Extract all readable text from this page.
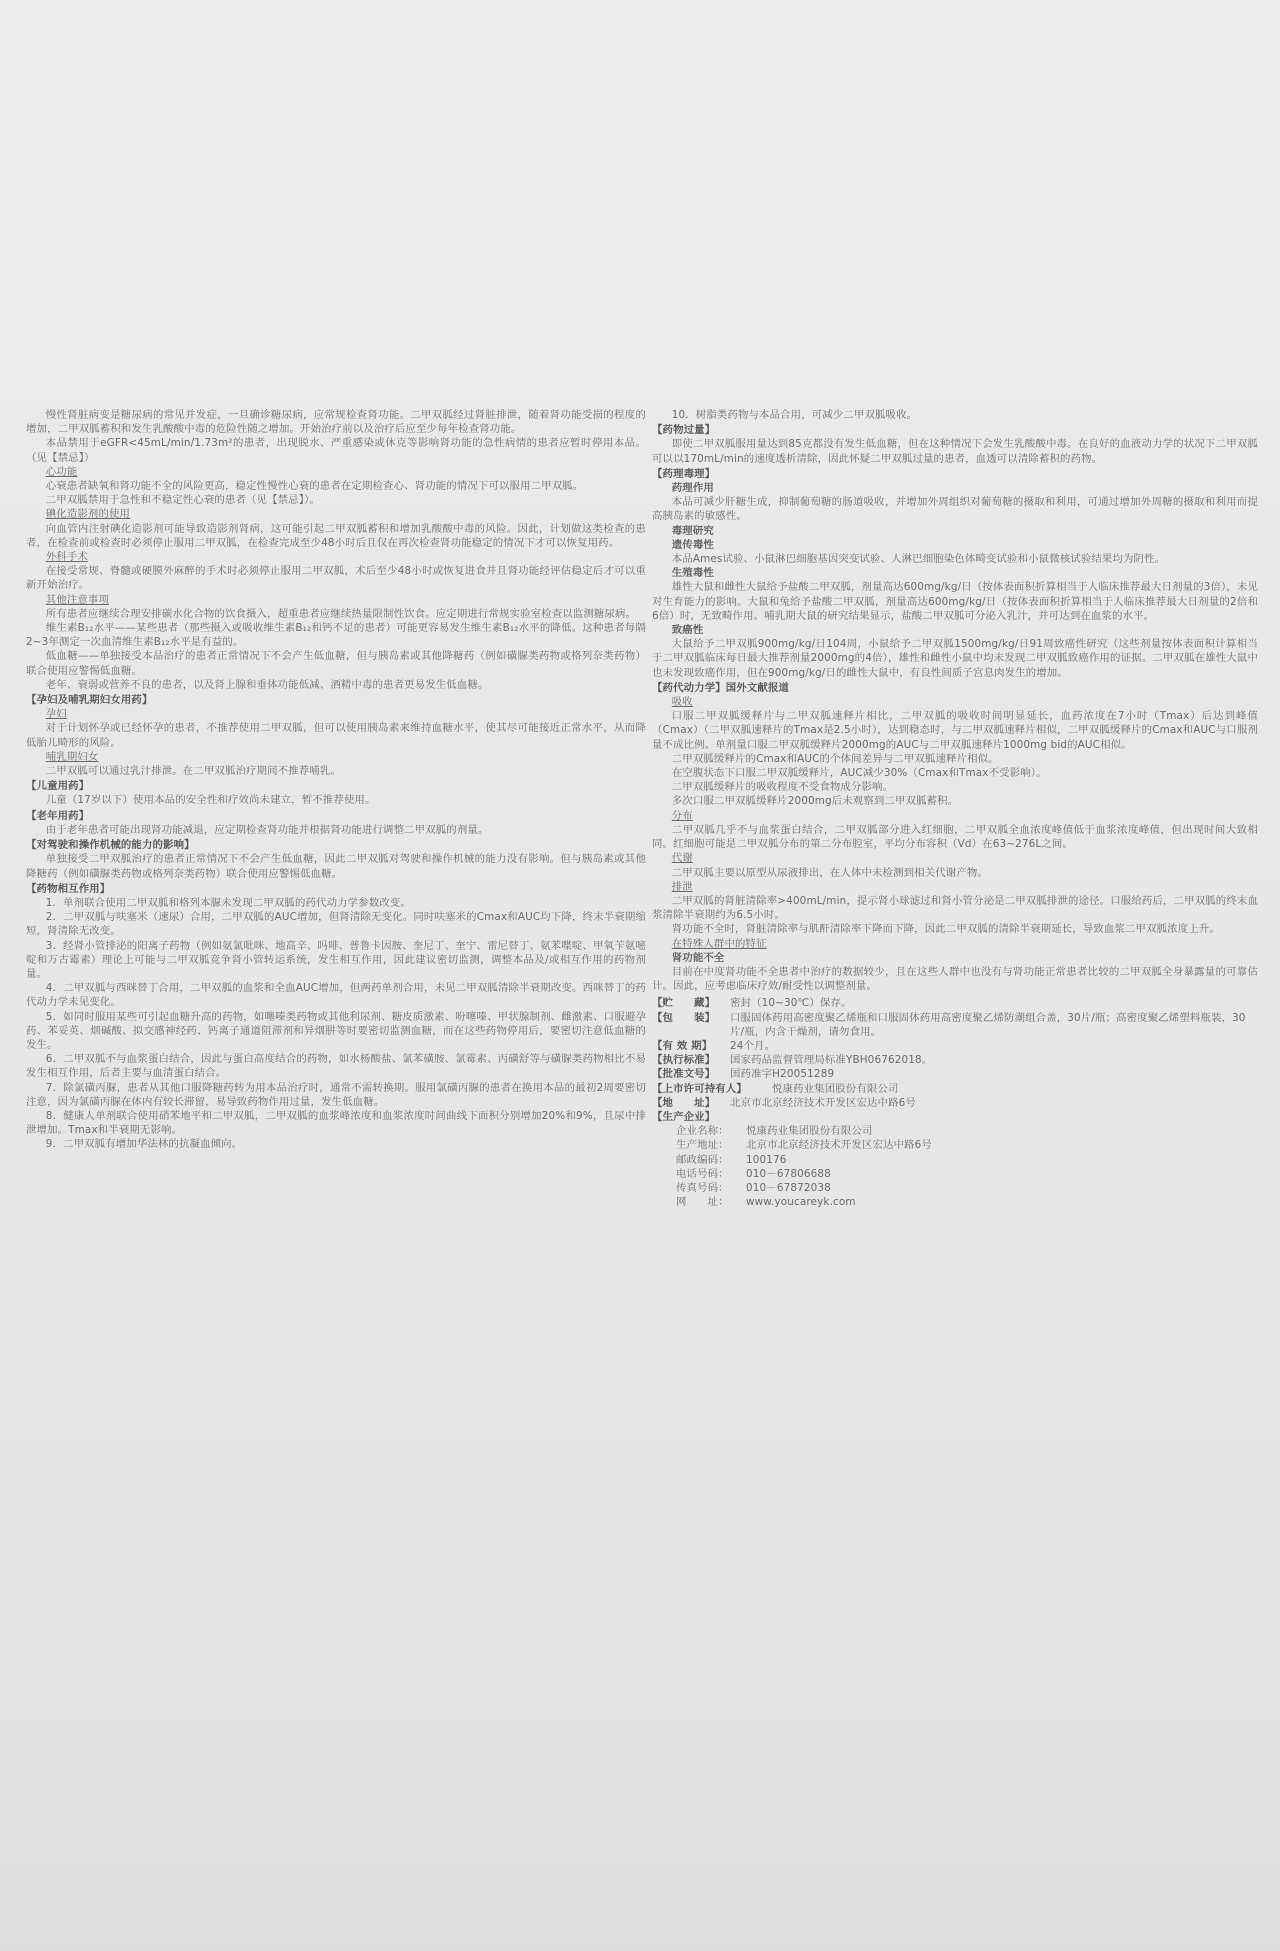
慢性肾脏病变是糖尿病的常见并发症，一旦确诊糖尿病，应常规检查肾功能。二甲双胍经过肾脏排泄，随着肾功能受损的程度的增加，二甲双胍蓄积和发生乳酸酸中毒的危险性随之增加。开始治疗前以及治疗后应至少每年检查肾功能。
本品禁用于eGFR<45mL/min/1.73m²的患者，出现脱水、严重感染或休克等影响肾功能的急性病情的患者应暂时停用本品。（见【禁忌】）
心功能
心衰患者缺氧和肾功能不全的风险更高，稳定性慢性心衰的患者在定期检查心、肾功能的情况下可以服用二甲双胍。
二甲双胍禁用于急性和不稳定性心衰的患者（见【禁忌】）。
碘化造影剂的使用
向血管内注射碘化造影剂可能导致造影剂肾病，这可能引起二甲双胍蓄积和增加乳酸酸中毒的风险。因此，计划做这类检查的患者，在检查前或检查时必须停止服用二甲双胍，在检查完成至少48小时后且仅在再次检查肾功能稳定的情况下才可以恢复用药。
外科手术
在接受常规、脊髓或硬膜外麻醉的手术时必须停止服用二甲双胍，术后至少48小时或恢复进食并且肾功能经评估稳定后才可以重新开始治疗。
其他注意事项
所有患者应继续合理安排碳水化合物的饮食摄入，超重患者应继续热量限制性饮食。应定期进行常规实验室检查以监测糖尿病。
维生素B₁₂水平——某些患者（那些摄入或吸收维生素B₁₂和钙不足的患者）可能更容易发生维生素B₁₂水平的降低。这种患者每隔2~3年测定一次血清维生素B₁₂水平是有益的。
低血糖——单独接受本品治疗的患者正常情况下不会产生低血糖，但与胰岛素或其他降糖药（例如磺脲类药物或格列奈类药物）联合使用应警惕低血糖。
老年、衰弱或营养不良的患者，以及肾上腺和垂体功能低减、酒精中毒的患者更易发生低血糖。
【孕妇及哺乳期妇女用药】
孕妇
对于计划怀孕或已经怀孕的患者，不推荐使用二甲双胍，但可以使用胰岛素来维持血糖水平，使其尽可能接近正常水平，从而降低胎儿畸形的风险。
哺乳期妇女
二甲双胍可以通过乳汁排泄。在二甲双胍治疗期间不推荐哺乳。
【儿童用药】
儿童（17岁以下）使用本品的安全性和疗效尚未建立，暂不推荐使用。
【老年用药】
由于老年患者可能出现肾功能减退，应定期检查肾功能并根据肾功能进行调整二甲双胍的剂量。
【对驾驶和操作机械的能力的影响】
单独接受二甲双胍治疗的患者正常情况下不会产生低血糖，因此二甲双胍对驾驶和操作机械的能力没有影响。但与胰岛素或其他降糖药（例如磺脲类药物或格列奈类药物）联合使用应警惕低血糖。
【药物相互作用】
1．单剂联合使用二甲双胍和格列本脲未发现二甲双胍的药代动力学参数改变。
2．二甲双胍与呋塞米（速尿）合用，二甲双胍的AUC增加，但肾清除无变化。同时呋塞米的Cmax和AUC均下降，终末半衰期缩短，肾清除无改变。
3．经肾小管排泌的阳离子药物（例如氨氯吡咪、地高辛、吗啡、普鲁卡因胺、奎尼丁、奎宁、雷尼替丁、氨苯喋啶、甲氧苄氨嘧啶和万古霉素）理论上可能与二甲双胍竞争肾小管转运系统，发生相互作用，因此建议密切监测，调整本品及/或相互作用的药物剂量。
4．二甲双胍与西咪替丁合用，二甲双胍的血浆和全血AUC增加，但两药单剂合用，未见二甲双胍清除半衰期改变。西咪替丁的药代动力学未见变化。
5．如同时服用某些可引起血糖升高的药物，如噻嗪类药物或其他利尿剂、糖皮质激素、吩噻嗪、甲状腺制剂、雌激素、口服避孕药、苯妥英、烟碱酸、拟交感神经药、钙离子通道阻滞剂和异烟肼等时要密切监测血糖，而在这些药物停用后，要密切注意低血糖的发生。
6．二甲双胍不与血浆蛋白结合，因此与蛋白高度结合的药物，如水杨酸盐、氯苯磺胺、氯霉素、丙磺舒等与磺脲类药物相比不易发生相互作用，后者主要与血清蛋白结合。
7．除氯磺丙脲，患者从其他口服降糖药转为用本品治疗时，通常不需转换期。服用氯磺丙脲的患者在换用本品的最初2周要密切注意，因为氯磺丙脲在体内有较长滞留，易导致药物作用过量，发生低血糖。
8．健康人单剂联合使用硝苯地平和二甲双胍，二甲双胍的血浆峰浓度和血浆浓度时间曲线下面积分别增加20%和9%，且尿中排泄增加。Tmax和半衰期无影响。
9．二甲双胍有增加华法林的抗凝血倾向。
10．树脂类药物与本品合用，可减少二甲双胍吸收。
【药物过量】
即使二甲双胍服用量达到85克都没有发生低血糖，但在这种情况下会发生乳酸酸中毒。在良好的血液动力学的状况下二甲双胍可以以170mL/min的速度透析清除，因此怀疑二甲双胍过量的患者，血透可以清除蓄积的药物。
【药理毒理】
药理作用
本品可减少肝糖生成，抑制葡萄糖的肠道吸收，并增加外周组织对葡萄糖的摄取和利用，可通过增加外周糖的摄取和利用而提高胰岛素的敏感性。
毒理研究
遗传毒性
本品Ames试验、小鼠淋巴细胞基因突变试验、人淋巴细胞染色体畸变试验和小鼠微核试验结果均为阴性。
生殖毒性
雄性大鼠和雌性大鼠给予盐酸二甲双胍，剂量高达600mg/kg/日（按体表面积折算相当于人临床推荐最大日剂量的3倍），未见对生育能力的影响。大鼠和兔给予盐酸二甲双胍，剂量高达600mg/kg/日（按体表面积折算相当于人临床推荐最大日剂量的2倍和6倍）时，无致畸作用。哺乳期大鼠的研究结果显示，盐酸二甲双胍可分泌入乳汁，并可达到在血浆的水平。
致癌性
大鼠给予二甲双胍900mg/kg/日104周，小鼠给予二甲双胍1500mg/kg/日91周致癌性研究（这些剂量按体表面积计算相当于二甲双胍临床每日最大推荐剂量2000mg的4倍），雄性和雌性小鼠中均未发现二甲双胍致癌作用的证据。二甲双胍在雄性大鼠中也未发现致癌作用，但在900mg/kg/日的雌性大鼠中，有良性间质子宫息肉发生的增加。
【药代动力学】国外文献报道
吸收
口服二甲双胍缓释片与二甲双胍速释片相比，二甲双胍的吸收时间明显延长，血药浓度在7小时（Tmax）后达到峰值（Cmax）（二甲双胍速释片的Tmax是2.5小时），达到稳态时，与二甲双胍速释片相似，二甲双胍缓释片的Cmax和AUC与口服剂量不成比例。单剂量口服二甲双胍缓释片2000mg的AUC与二甲双胍速释片1000mg bid的AUC相似。
二甲双胍缓释片的Cmax和AUC的个体间差异与二甲双胍速释片相似。
在空腹状态下口服二甲双胍缓释片，AUC减少30%（Cmax和Tmax不受影响）。
二甲双胍缓释片的吸收程度不受食物成分影响。
多次口服二甲双胍缓释片2000mg后未观察到二甲双胍蓄积。
分布
二甲双胍几乎不与血浆蛋白结合，二甲双胍部分进入红细胞，二甲双胍全血浓度峰值低于血浆浓度峰值，但出现时间大致相同。红细胞可能是二甲双胍分布的第二分布腔室，平均分布容积（Vd）在63~276L之间。
代谢
二甲双胍主要以原型从尿液排出，在人体中未检测到相关代谢产物。
排泄
二甲双胍的肾脏清除率>400mL/min，提示肾小球滤过和肾小管分泌是二甲双胍排泄的途径。口服给药后，二甲双胍的终末血浆清除半衰期约为6.5小时。
肾功能不全时，肾脏清除率与肌酐清除率下降而下降，因此二甲双胍的清除半衰期延长，导致血浆二甲双胍浓度上升。
在特殊人群中的特征
肾功能不全
目前在中度肾功能不全患者中治疗的数据较少，且在这些人群中也没有与肾功能正常患者比较的二甲双胍全身暴露量的可靠估计。因此，应考虑临床疗效/耐受性以调整剂量。
【贮　　藏】	密封（10~30℃）保存。
【包　　装】	口服固体药用高密度聚乙烯瓶和口服固体药用高密度聚乙烯防潮组合盖，30片/瓶；高密度聚乙烯塑料瓶装，30片/瓶，内含干燥剂，请勿食用。
【有 效 期】	24个月。
【执行标准】	国家药品监督管理局标准YBH06762018。
【批准文号】	国药准字H20051289
【上市许可持有人】	悦康药业集团股份有限公司
【地　　址】	北京市北京经济技术开发区宏达中路6号
【生产企业】
企业名称：	悦康药业集团股份有限公司
生产地址：	北京市北京经济技术开发区宏达中路6号
邮政编码：	100176
电话号码：	010－67806688
传真号码：	010－67872038
网　　址：	www.youcareyk.com
